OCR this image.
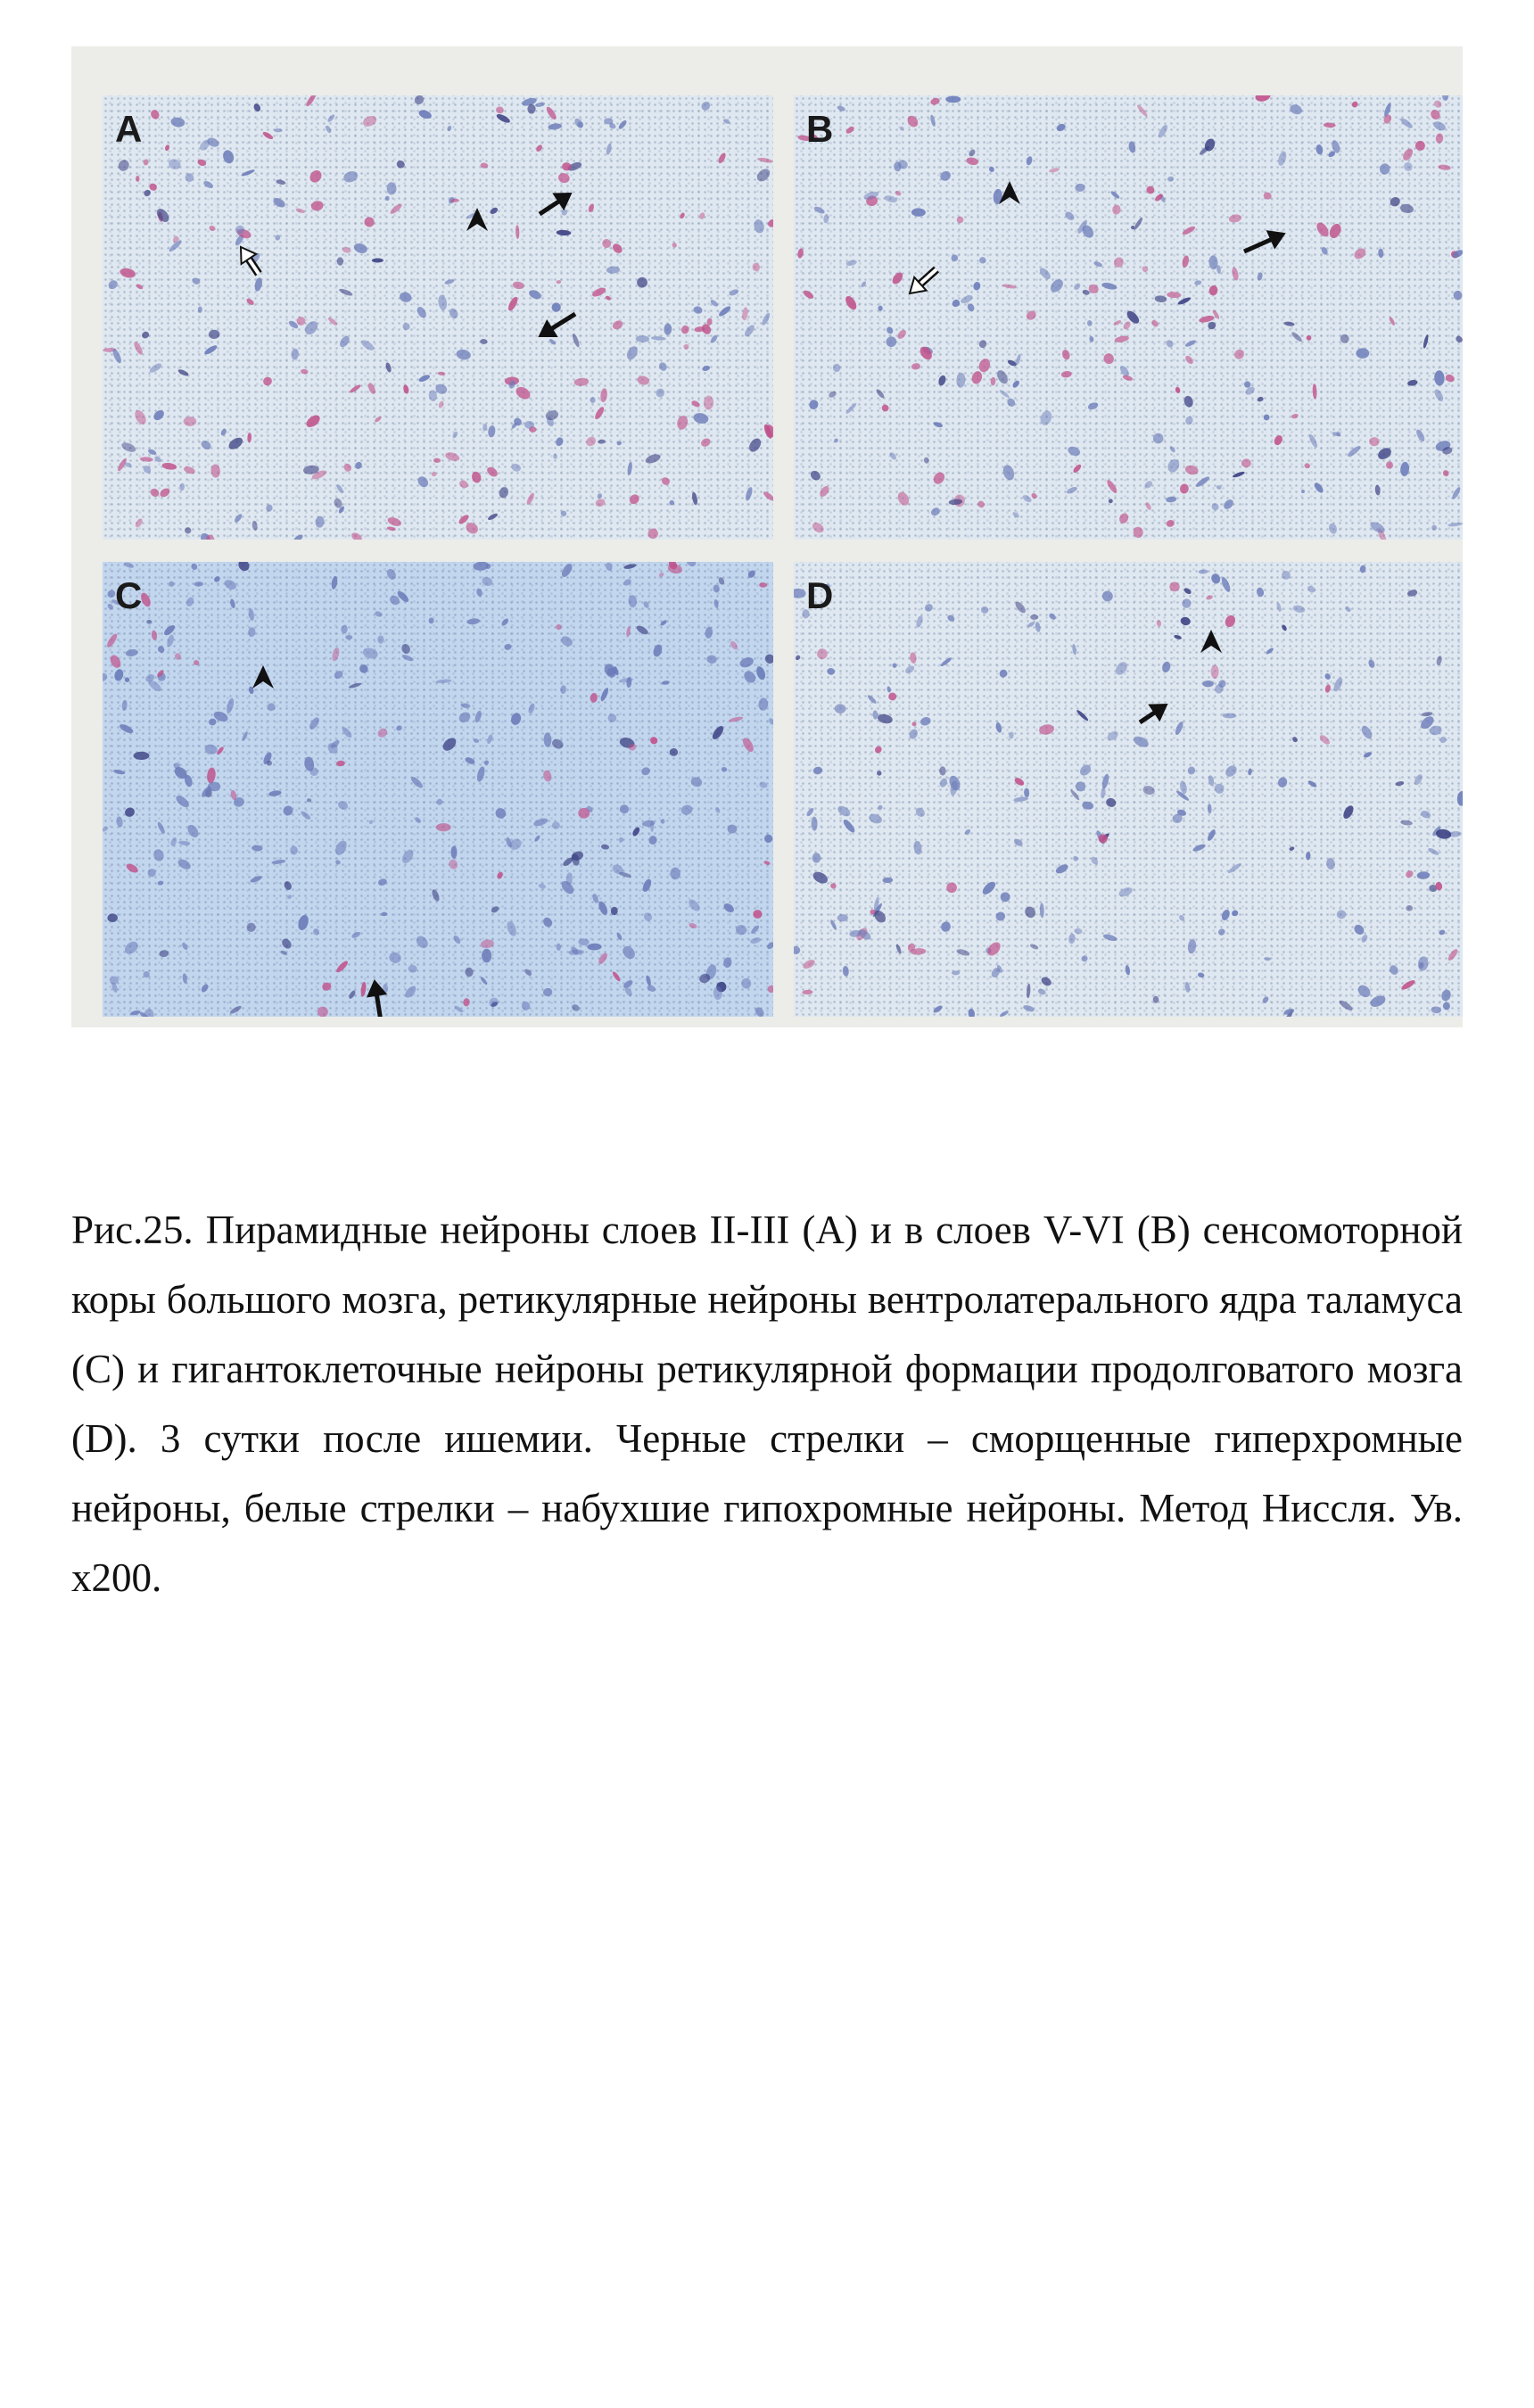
A	B
C	D
Рис.25. Пирамидные нейроны слоев II-III (A) и в слоев V-VI (B) сенсомоторной коры большого мозга, ретикулярные нейроны вентролатерального ядра таламуса (C) и гигантоклеточные нейроны ретикулярной формации продолговатого мозга (D). 3 сутки после ишемии. Черные стрелки – сморщенные гиперхромные нейроны, белые стрелки – набухшие гипохромные нейроны. Метод Ниссля. Ув. x200.
